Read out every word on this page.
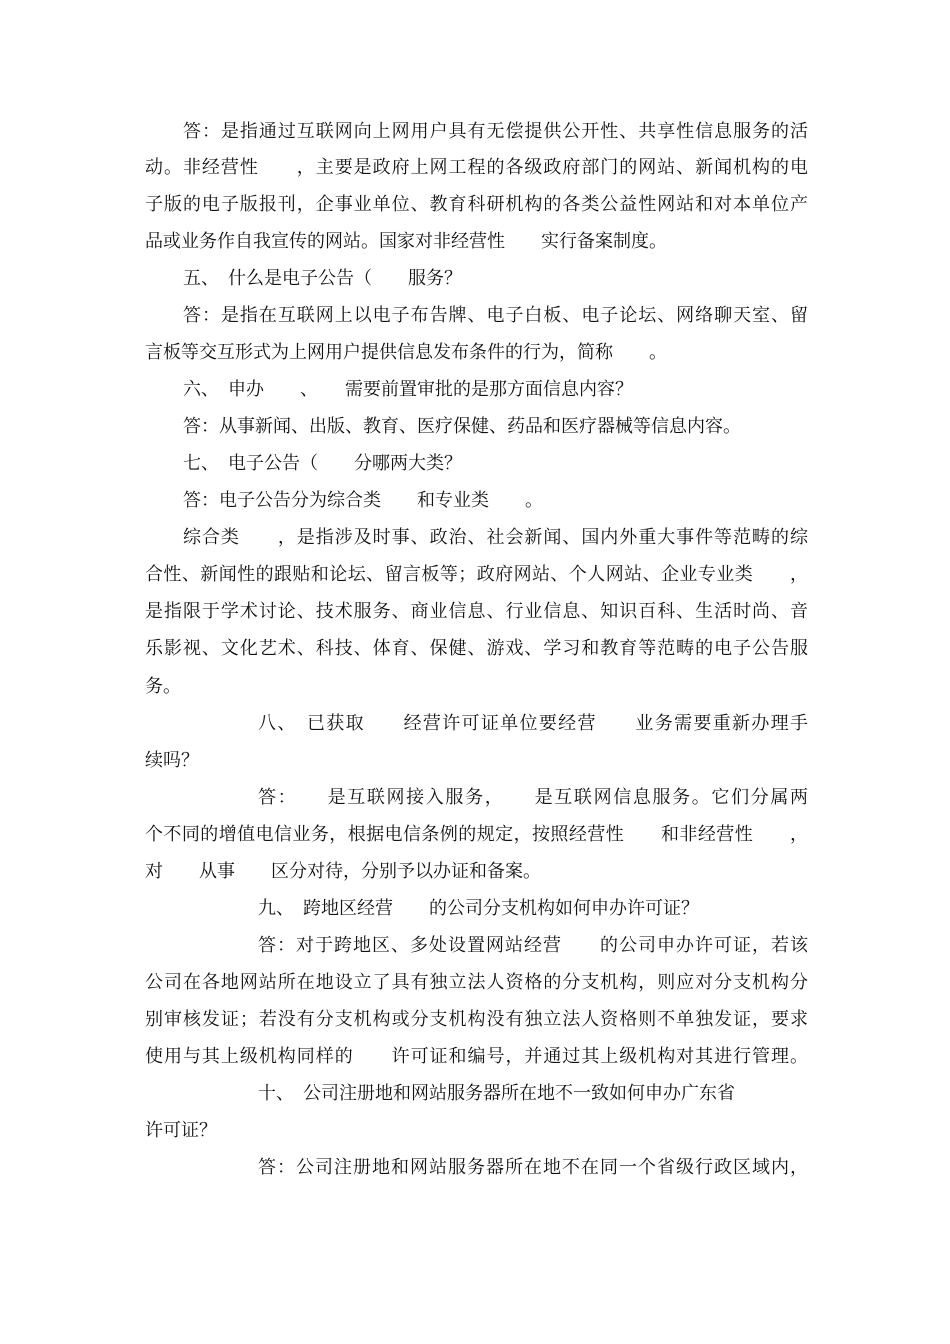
答：是指通过互联网向上网用户具有无偿提供公开性、共享性信息服务的活
动。非经营性　　，主要是政府上网工程的各级政府部门的网站、新闻机构的电
子版的电子版报刊，企事业单位、教育科研机构的各类公益性网站和对本单位产
品或业务作自我宣传的网站。国家对非经营性　　实行备案制度。
五、　什么是电子公告（　　服务？
答：是指在互联网上以电子布告牌、电子白板、电子论坛、网络聊天室、留
言板等交互形式为上网用户提供信息发布条件的行为，简称　　。
六、　申办　　、　　需要前置审批的是那方面信息内容？
答：从事新闻、出版、教育、医疗保健、药品和医疗器械等信息内容。
七、　电子公告（　　分哪两大类？
答：电子公告分为综合类　　和专业类　　。
综合类　　，是指涉及时事、政治、社会新闻、国内外重大事件等范畴的综
合性、新闻性的跟贴和论坛、留言板等；政府网站、个人网站、企业专业类　　，
是指限于学术讨论、技术服务、商业信息、行业信息、知识百科、生活时尚、音
乐影视、文化艺术、科技、体育、保健、游戏、学习和教育等范畴的电子公告服
务。
八、　已获取　　经营许可证单位要经营　　业务需要重新办理手
续吗？
答：　　是互联网接入服务，　　是互联网信息服务。它们分属两
个不同的增值电信业务，根据电信条例的规定，按照经营性　　和非经营性　　，
对　　从事　　区分对待，分别予以办证和备案。
九、　跨地区经营　　的公司分支机构如何申办许可证？
答：对于跨地区、多处设置网站经营　　的公司申办许可证，若该
公司在各地网站所在地设立了具有独立法人资格的分支机构，则应对分支机构分
别审核发证；若没有分支机构或分支机构没有独立法人资格则不单独发证，要求
使用与其上级机构同样的　　许可证和编号，并通过其上级机构对其进行管理。
十、　公司注册地和网站服务器所在地不一致如何申办广东省
许可证？
答：公司注册地和网站服务器所在地不在同一个省级行政区域内，
